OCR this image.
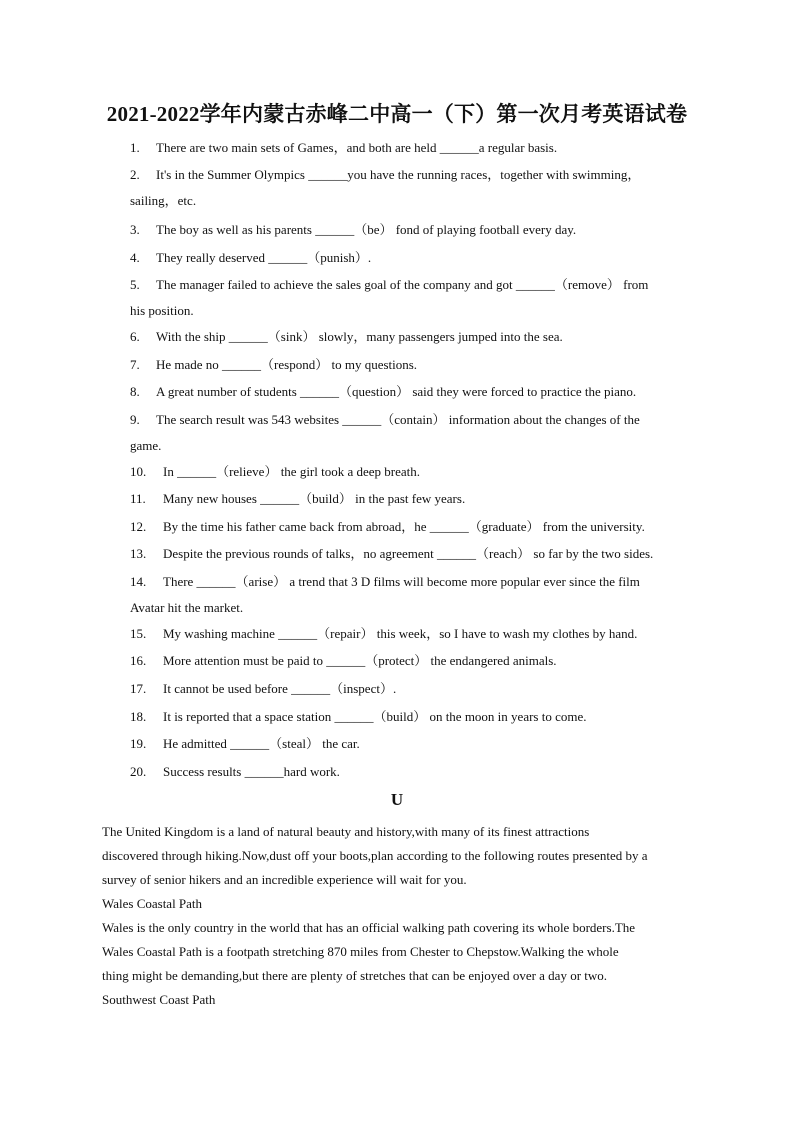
2021-2022学年内蒙古赤峰二中高一（下）第一次月考英语试卷
1. There are two main sets of Games，and both are held ______a regular basis.
2. It's in the Summer Olympics ______you have the running races，together with swimming，
sailing，etc.
3. The boy as well as his parents ______（be） fond of playing football every day.
4. They really deserved ______（punish）.
5. The manager failed to achieve the sales goal of the company and got ______（remove） from
his position.
6. With the ship ______（sink） slowly，many passengers jumped into the sea.
7. He made no ______（respond） to my questions.
8. A great number of students ______（question） said they were forced to practice the piano.
9. The search result was 543 websites ______（contain） information about the changes of the
game.
10. In ______（relieve） the girl took a deep breath.
11. Many new houses ______（build） in the past few years.
12. By the time his father came back from abroad，he ______（graduate） from the university.
13. Despite the previous rounds of talks，no agreement ______（reach） so far by the two sides.
14. There ______（arise） a trend that 3 D films will become more popular ever since the film
Avatar hit the market.
15. My washing machine ______（repair） this week，so I have to wash my clothes by hand.
16. More attention must be paid to ______（protect） the endangered animals.
17. It cannot be used before ______（inspect）.
18. It is reported that a space station ______（build） on the moon in years to come.
19. He admitted ______（steal） the car.
20. Success results ______hard work.
U
The United Kingdom is a land of natural beauty and history,with many of its finest attractions
discovered through hiking.Now,dust off your boots,plan according to the following routes presented by a
survey of senior hikers and an incredible experience will wait for you.
Wales Coastal Path
Wales is the only country in the world that has an official walking path covering its whole borders.The
Wales Coastal Path is a footpath stretching 870 miles from Chester to Chepstow.Walking the whole
thing might be demanding,but there are plenty of stretches that can be enjoyed over a day or two.
Southwest Coast Path
